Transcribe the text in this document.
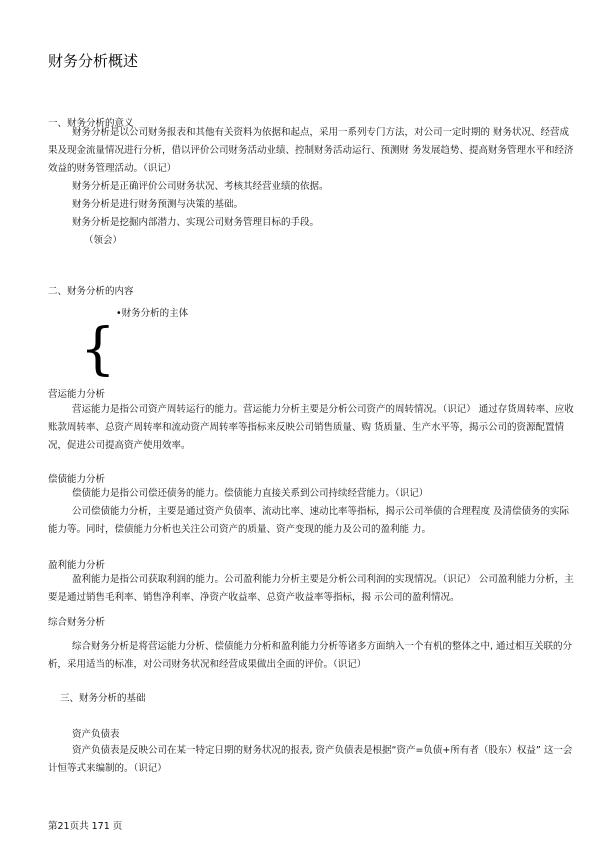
财务分析概述
一、财务分析的意义

财务分析是以公司财务报表和其他有关资料为依据和起点，采用一系列专门方法，对公司一定时期的 财务状况、经营成果及现金流量情况进行分析，借以评价公司财务活动业绩、控制财务活动运行、预测财 务发展趋势、提高财务管理水平和经济效益的财务管理活动。（识记）

财务分析是正确评价公司财务状况、考核其经营业绩的依据。

财务分析是进行财务预测与决策的基础。

财务分析是挖掘内部潜力、实现公司财务管理目标的手段。

（领会）

二、财务分析的内容
•财务分析的主体
{
营运能力分析

营运能力是指公司资产周转运行的能力。营运能力分析主要是分析公司资产的周转情况。（识记） 通过存货周转率、应收账款周转率、总资产周转率和流动资产周转率等指标来反映公司销售质量、购 货质量、生产水平等，揭示公司的资源配置情况，促进公司提高资产使用效率。

偿债能力分析

偿债能力是指公司偿还债务的能力。偿债能力直接关系到公司持续经营能力。（识记）

公司偿债能力分析，主要是通过资产负债率、流动比率、速动比率等指标，揭示公司举债的合理程度 及清偿债务的实际能力等。同时，偿债能力分析也关注公司资产的质量、资产变现的能力及公司的盈利能 力。

盈利能力分析

盈利能力是指公司获取利润的能力。公司盈利能力分析主要是分析公司利润的实现情况。（识记） 公司盈利能力分析，主要是通过销售毛利率、销售净利率、净资产收益率、总资产收益率等指标，揭 示公司的盈利情况。

综合财务分析

综合财务分析是将营运能力分析、偿债能力分析和盈利能力分析等诸多方面纳入一个有机的整体之中, 通过相互关联的分析，采用适当的标准，对公司财务状况和经营成果做出全面的评价。（识记）

三、财务分析的基础
资产负债表

资产负债表是反映公司在某一特定日期的财务状况的报表, 资产负债表是根据“资产=负债+所有者（股东）权益” 这一会计恒等式来编制的。（识记）

第21页共 171 页
